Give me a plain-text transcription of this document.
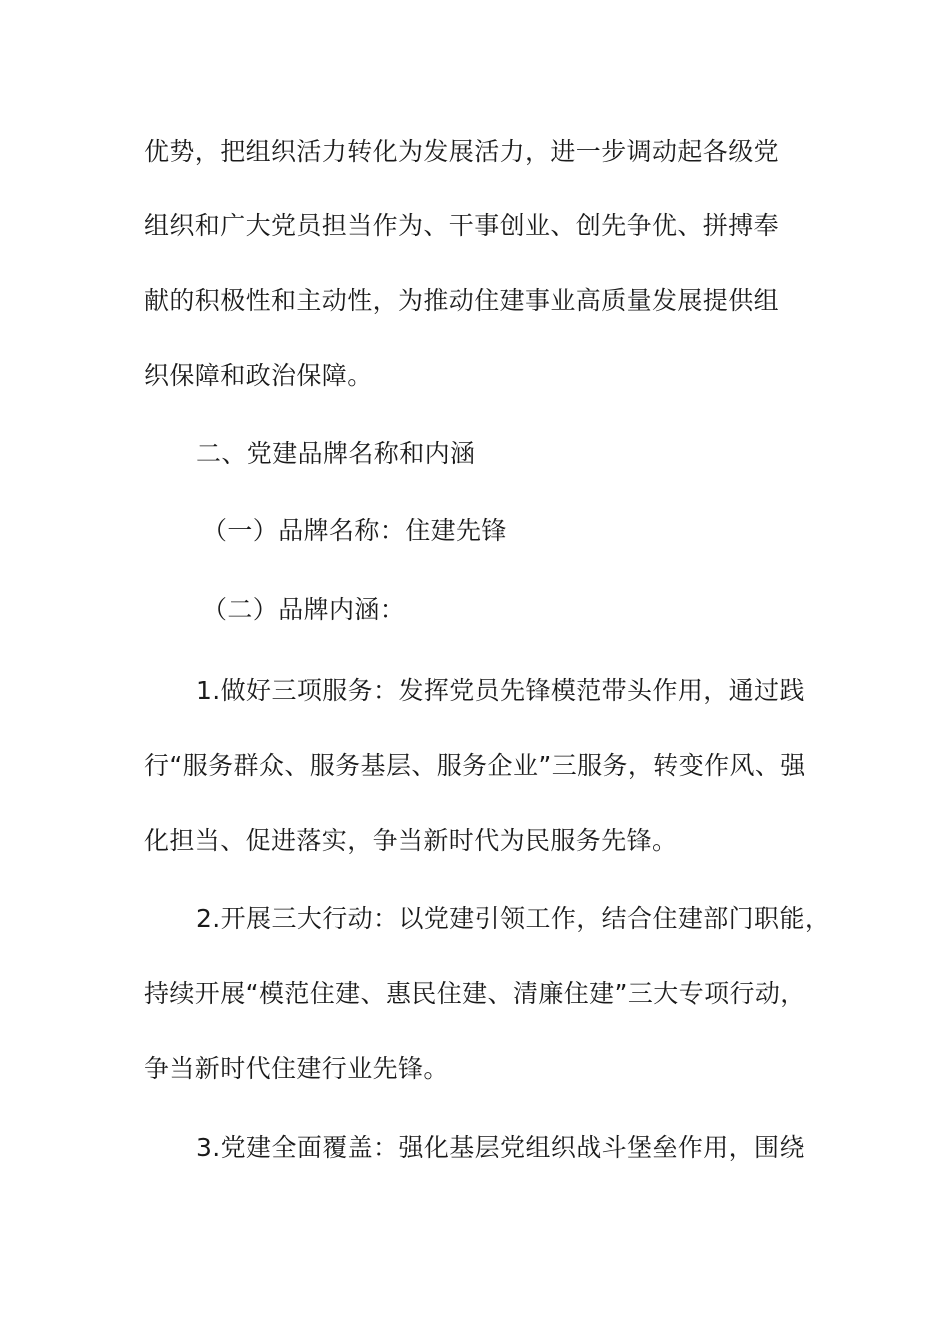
优势，把组织活力转化为发展活力，进一步调动起各级党
组织和广大党员担当作为、干事创业、创先争优、拼搏奉
献的积极性和主动性，为推动住建事业高质量发展提供组
织保障和政治保障。
二、党建品牌名称和内涵
（一）品牌名称：住建先锋
（二）品牌内涵：
1.做好三项服务：发挥党员先锋模范带头作用，通过践
行“服务群众、服务基层、服务企业”三服务，转变作风、强
化担当、促进落实，争当新时代为民服务先锋。
2.开展三大行动：以党建引领工作，结合住建部门职能，
持续开展“模范住建、惠民住建、清廉住建”三大专项行动，
争当新时代住建行业先锋。
3.党建全面覆盖：强化基层党组织战斗堡垒作用，围绕
